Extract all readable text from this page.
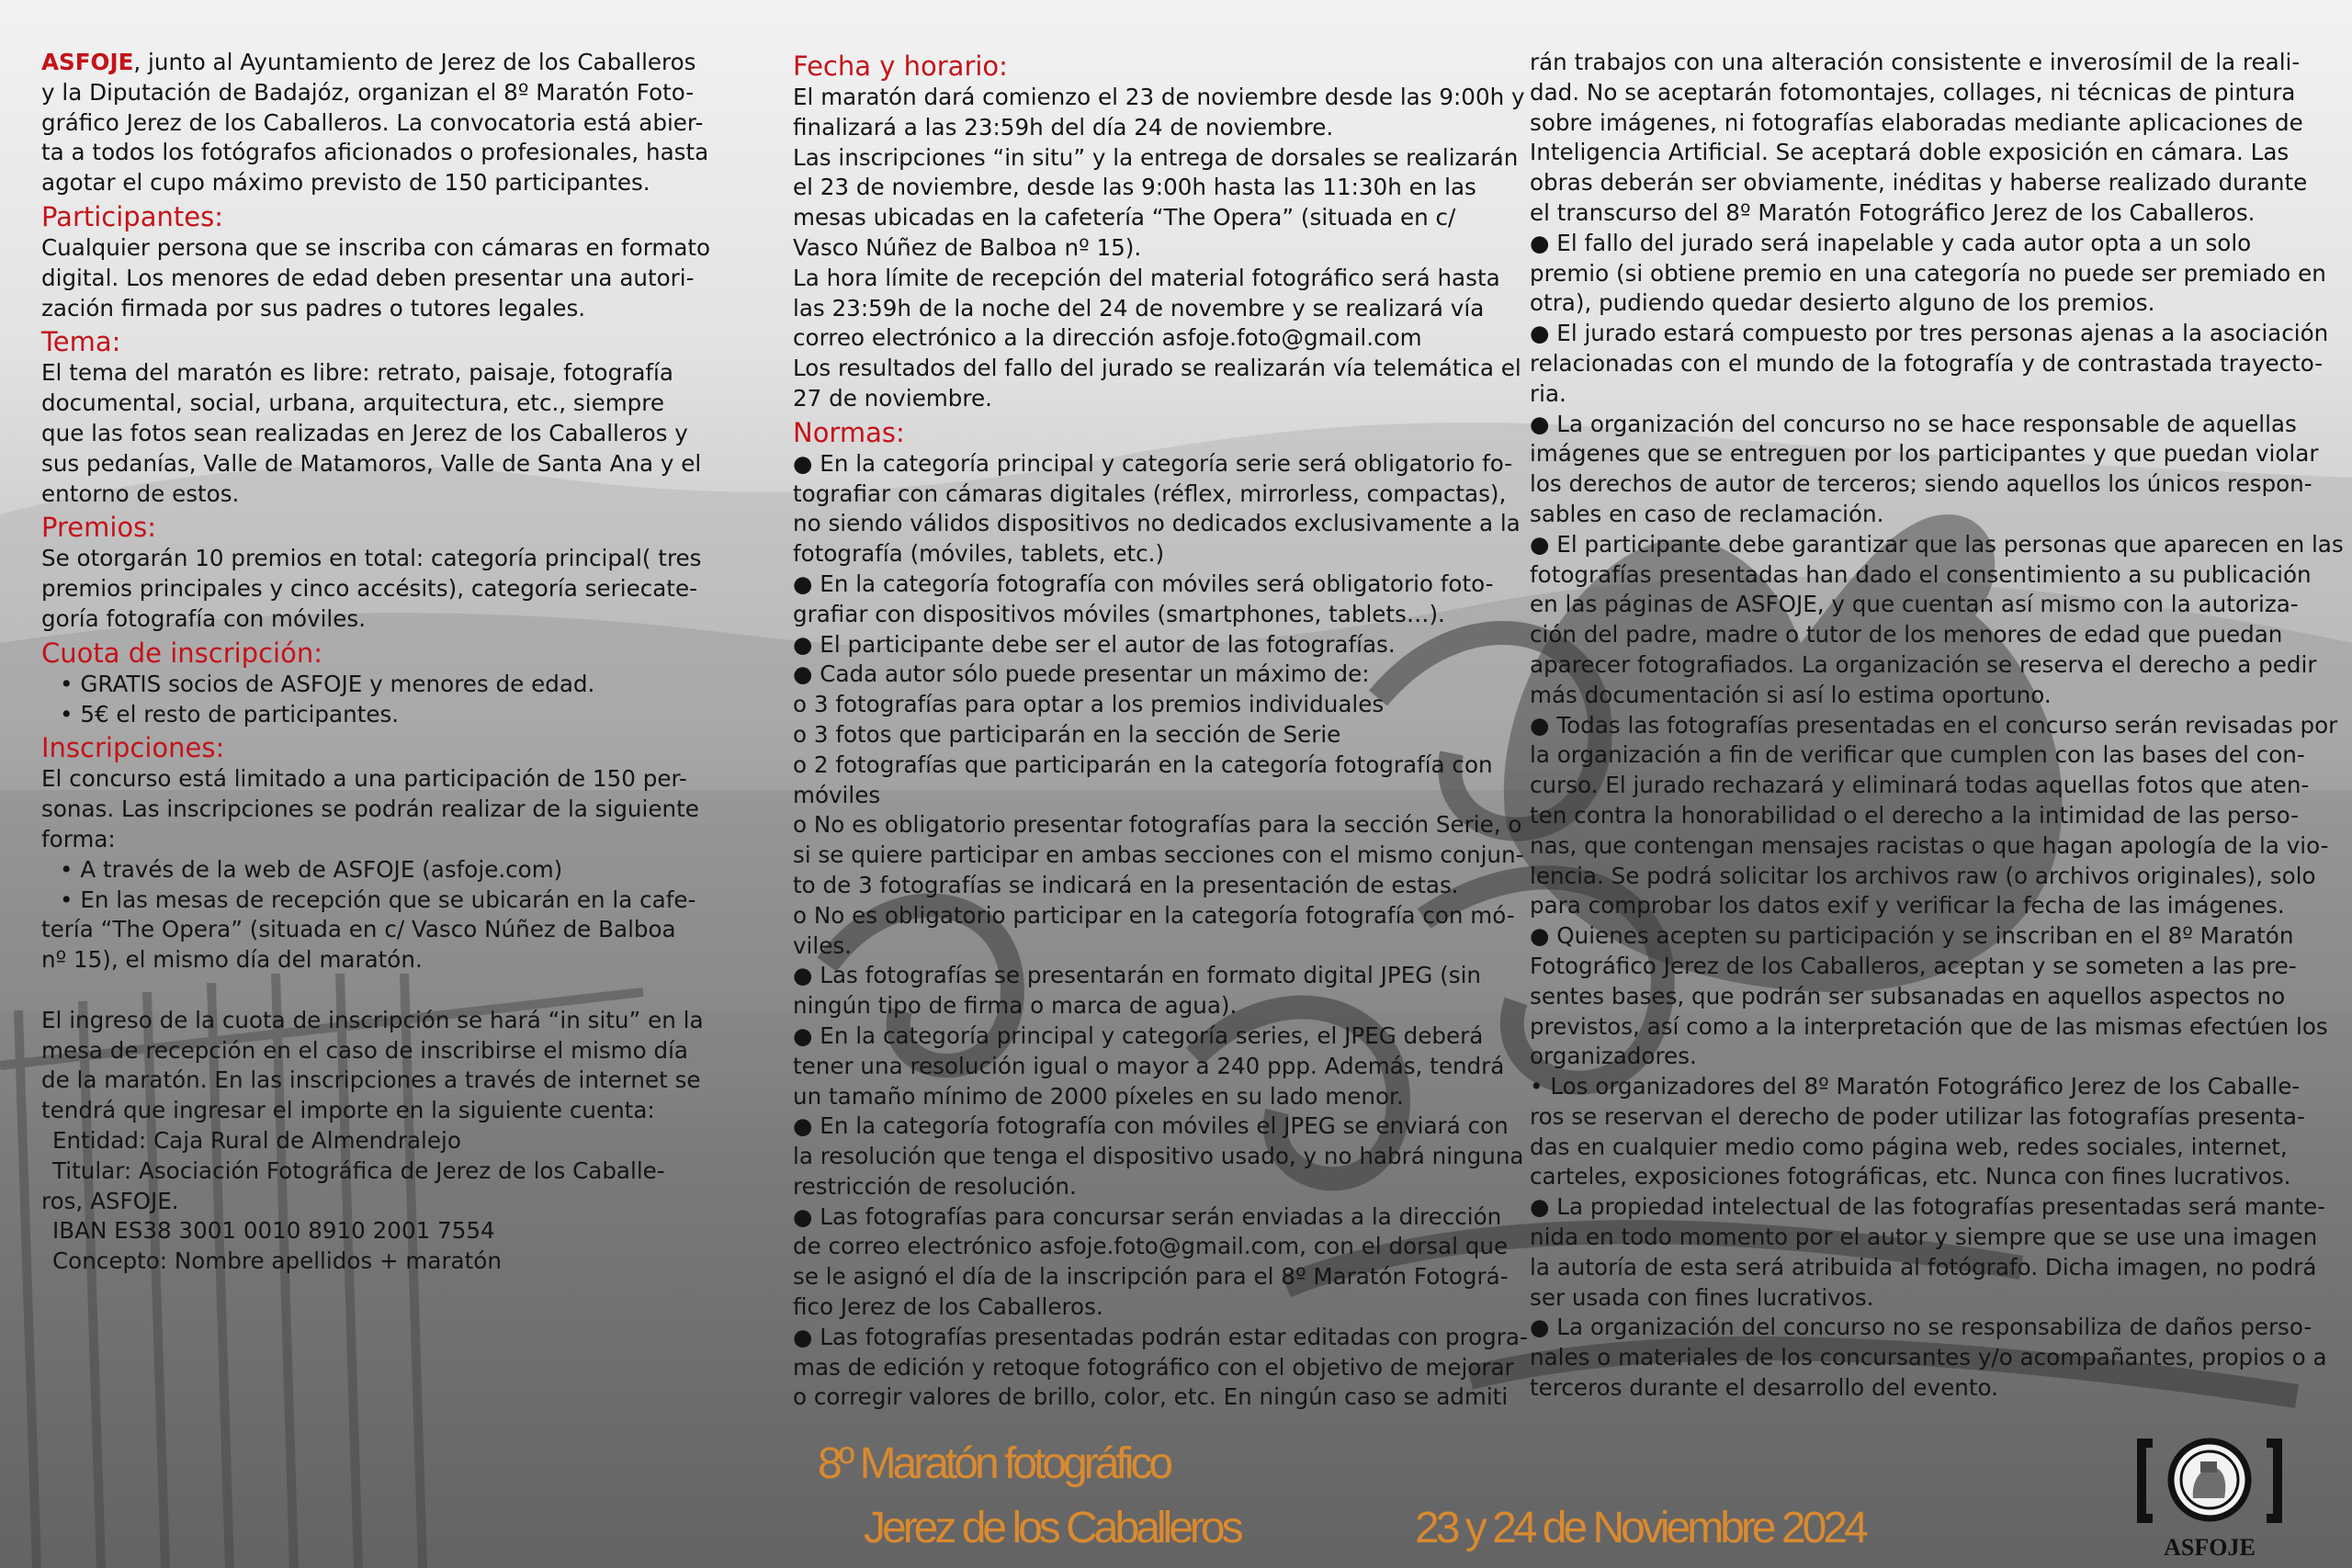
ASFOJE, junto al Ayuntamiento de Jerez de los Caballeros

y la Diputación de Badajóz, organizan el 8º Maratón Foto-

gráfico Jerez de los Caballeros. La convocatoria está abier-

ta a todos los fotógrafos aficionados o profesionales, hasta

agotar el cupo máximo previsto de 150 participantes.

Participantes:

Cualquier persona que se inscriba con cámaras en formato

digital. Los menores de edad deben presentar una autori-

zación firmada por sus padres o tutores legales.

Tema:

El tema del maratón es libre: retrato, paisaje, fotografía

documental, social, urbana, arquitectura, etc., siempre

que las fotos sean realizadas en Jerez de los Caballeros y

sus pedanías, Valle de Matamoros, Valle de Santa Ana y el

entorno de estos.

Premios:

Se otorgarán 10 premios en total: categoría principal( tres

premios principales y cinco accésits), categoría seriecate-

goría fotografía con móviles.

Cuota de inscripción:

• GRATIS socios de ASFOJE y menores de edad.

• 5€ el resto de participantes.

Inscripciones:

El concurso está limitado a una participación de 150 per-

sonas. Las inscripciones se podrán realizar de la siguiente

forma:

• A través de la web de ASFOJE (asfoje.com)

• En las mesas de recepción que se ubicarán en la cafe-

tería “The Opera” (situada en c/ Vasco Núñez de Balboa

nº 15), el mismo día del maratón.

El ingreso de la cuota de inscripción se hará “in situ” en la

mesa de recepción en el caso de inscribirse el mismo día

de la maratón. En las inscripciones a través de internet se

tendrá que ingresar el importe en la siguiente cuenta:

Entidad: Caja Rural de Almendralejo

Titular: Asociación Fotográfica de Jerez de los Caballe-

ros, ASFOJE.

IBAN ES38 3001 0010 8910 2001 7554

Concepto: Nombre apellidos + maratón

Fecha y horario:

El maratón dará comienzo el 23 de noviembre desde las 9:00h y

finalizará a las 23:59h del día 24 de noviembre.

Las inscripciones “in situ” y la entrega de dorsales se realizarán

el 23 de noviembre, desde las 9:00h hasta las 11:30h en las

mesas ubicadas en la cafetería “The Opera” (situada en c/

Vasco Núñez de Balboa nº 15).

La hora límite de recepción del material fotográfico será hasta

las 23:59h de la noche del 24 de novembre y se realizará vía

correo electrónico a la dirección asfoje.foto@gmail.com

Los resultados del fallo del jurado se realizarán vía telemática el

27 de noviembre.

Normas:

● En la categoría principal y categoría serie será obligatorio fo-

tografiar con cámaras digitales (réflex, mirrorless, compactas),

no siendo válidos dispositivos no dedicados exclusivamente a la

fotografía (móviles, tablets, etc.)

● En la categoría fotografía con móviles será obligatorio foto-

grafiar con dispositivos móviles (smartphones, tablets…).

● El participante debe ser el autor de las fotografías.

● Cada autor sólo puede presentar un máximo de:

o 3 fotografías para optar a los premios individuales

o 3 fotos que participarán en la sección de Serie

o 2 fotografías que participarán en la categoría fotografía con

móviles

o No es obligatorio presentar fotografías para la sección Serie, o

si se quiere participar en ambas secciones con el mismo conjun-

to de 3 fotografías se indicará en la presentación de estas.

o No es obligatorio participar en la categoría fotografía con mó-

viles.

● Las fotografías se presentarán en formato digital JPEG (sin

ningún tipo de firma o marca de agua).

● En la categoría principal y categoría series, el JPEG deberá

tener una resolución igual o mayor a 240 ppp. Además, tendrá

un tamaño mínimo de 2000 píxeles en su lado menor.

● En la categoría fotografía con móviles el JPEG se enviará con

la resolución que tenga el dispositivo usado, y no habrá ninguna

restricción de resolución.

● Las fotografías para concursar serán enviadas a la dirección

de correo electrónico asfoje.foto@gmail.com, con el dorsal que

se le asignó el día de la inscripción para el 8º Maratón Fotográ-

fico Jerez de los Caballeros.

● Las fotografías presentadas podrán estar editadas con progra-

mas de edición y retoque fotográfico con el objetivo de mejorar

o corregir valores de brillo, color, etc. En ningún caso se admiti

rán trabajos con una alteración consistente e inverosímil de la reali-

dad. No se aceptarán fotomontajes, collages, ni técnicas de pintura

sobre imágenes, ni fotografías elaboradas mediante aplicaciones de

Inteligencia Artificial. Se aceptará doble exposición en cámara. Las

obras deberán ser obviamente, inéditas y haberse realizado durante

el transcurso del 8º Maratón Fotográfico Jerez de los Caballeros.

● El fallo del jurado será inapelable y cada autor opta a un solo

premio (si obtiene premio en una categoría no puede ser premiado en

otra), pudiendo quedar desierto alguno de los premios.

● El jurado estará compuesto por tres personas ajenas a la asociación

relacionadas con el mundo de la fotografía y de contrastada trayecto-

ria.

● La organización del concurso no se hace responsable de aquellas

imágenes que se entreguen por los participantes y que puedan violar

los derechos de autor de terceros; siendo aquellos los únicos respon-

sables en caso de reclamación.

● El participante debe garantizar que las personas que aparecen en las

fotografías presentadas han dado el consentimiento a su publicación

en las páginas de ASFOJE, y que cuentan así mismo con la autoriza-

ción del padre, madre o tutor de los menores de edad que puedan

aparecer fotografiados. La organización se reserva el derecho a pedir

más documentación si así lo estima oportuno.

● Todas las fotografías presentadas en el concurso serán revisadas por

la organización a fin de verificar que cumplen con las bases del con-

curso. El jurado rechazará y eliminará todas aquellas fotos que aten-

ten contra la honorabilidad o el derecho a la intimidad de las perso-

nas, que contengan mensajes racistas o que hagan apología de la vio-

lencia. Se podrá solicitar los archivos raw (o archivos originales), solo

para comprobar los datos exif y verificar la fecha de las imágenes.

● Quienes acepten su participación y se inscriban en el 8º Maratón

Fotográfico Jerez de los Caballeros, aceptan y se someten a las pre-

sentes bases, que podrán ser subsanadas en aquellos aspectos no

previstos, así como a la interpretación que de las mismas efectúen los

organizadores.

• Los organizadores del 8º Maratón Fotográfico Jerez de los Caballe-

ros se reservan el derecho de poder utilizar las fotografías presenta-

das en cualquier medio como página web, redes sociales, internet,

carteles, exposiciones fotográficas, etc. Nunca con fines lucrativos.

● La propiedad intelectual de las fotografías presentadas será mante-

nida en todo momento por el autor y siempre que se use una imagen

la autoría de esta será atribuida al fotógrafo. Dicha imagen, no podrá

ser usada con fines lucrativos.

● La organización del concurso no se responsabiliza de daños perso-

nales o materiales de los concursantes y/o acompañantes, propios o a

terceros durante el desarrollo del evento.

8º Maratón fotográfico
Jerez de los Caballeros	23 y 24 de Noviembre 2024	ASFOJE
